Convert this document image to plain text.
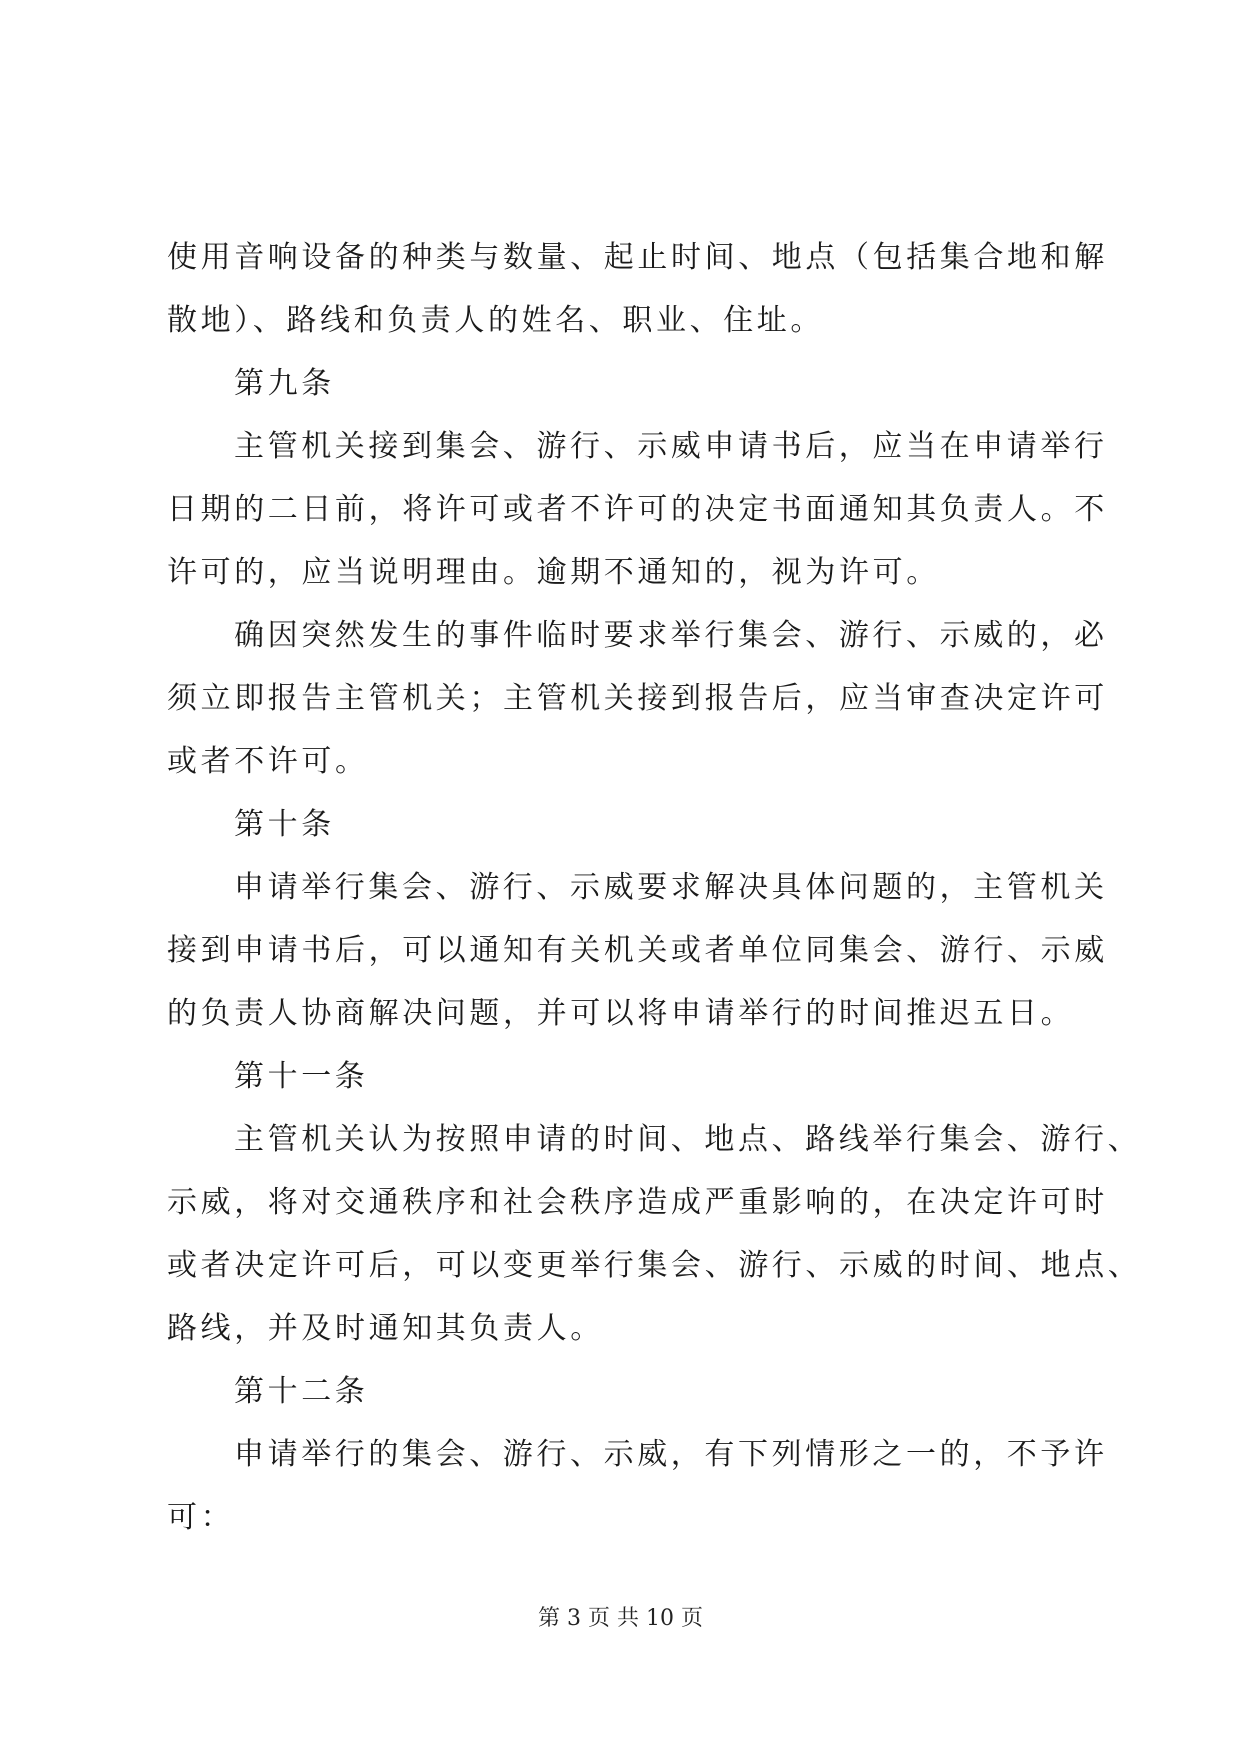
使用音响设备的种类与数量、起止时间、地点（包括集合地和解
散地）、路线和负责人的姓名、职业、住址。
第九条
主管机关接到集会、游行、示威申请书后，应当在申请举行
日期的二日前，将许可或者不许可的决定书面通知其负责人。不
许可的，应当说明理由。逾期不通知的，视为许可。
确因突然发生的事件临时要求举行集会、游行、示威的，必
须立即报告主管机关；主管机关接到报告后，应当审查决定许可
或者不许可。
第十条
申请举行集会、游行、示威要求解决具体问题的，主管机关
接到申请书后，可以通知有关机关或者单位同集会、游行、示威
的负责人协商解决问题，并可以将申请举行的时间推迟五日。
第十一条
主管机关认为按照申请的时间、地点、路线举行集会、游行、
示威，将对交通秩序和社会秩序造成严重影响的，在决定许可时
或者决定许可后，可以变更举行集会、游行、示威的时间、地点、
路线，并及时通知其负责人。
第十二条
申请举行的集会、游行、示威，有下列情形之一的，不予许
可：
第 3 页 共 10 页
